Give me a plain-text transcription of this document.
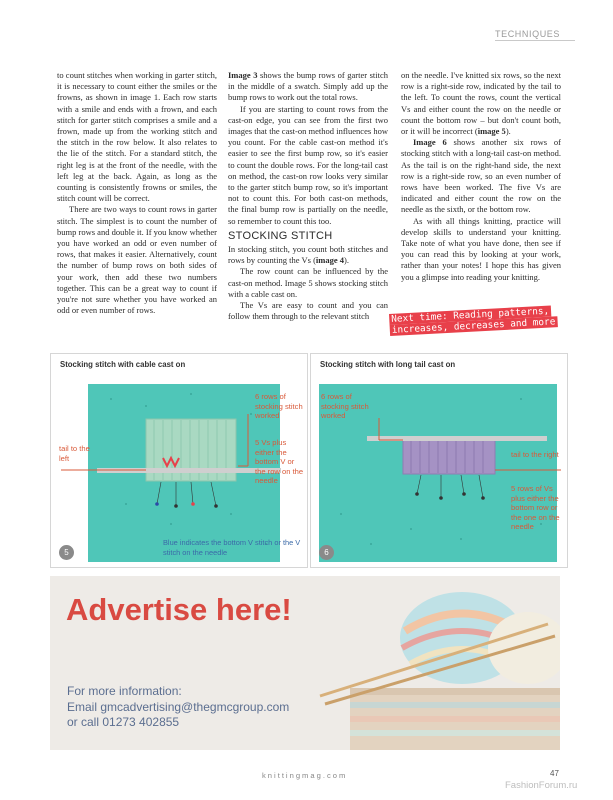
TECHNIQUES

to count stitches when working in garter stitch, it is necessary to count either the smiles or the frowns, as shown in image 1. Each row starts with a smile and ends with a frown, and each stitch for garter stitch comprises a smile and a frown, made up from the working stitch and the stitch in the row below. It also relates to the lie of the stitch. For a standard stitch, the right leg is at the front of the needle, with the left leg at the back. Again, as long as the counting is consistently frowns or smiles, the stitch count will be correct.

There are two ways to count rows in garter stitch. The simplest is to count the number of bump rows and double it. If you know whether you have worked an odd or even number of rows, that makes it easier. Alternatively, count the number of bump rows on both sides of your work, then add these two numbers together. This can be a great way to count if you're not sure whether you have worked an odd or even number of rows.

Image 3 shows the bump rows of garter stitch in the middle of a swatch. Simply add up the bump rows to work out the total rows.

If you are starting to count rows from the cast-on edge, you can see from the first two images that the cast-on method influences how you count. For the cable cast-on method it's easier to see the first bump row, so it's easier to count the double rows. For the long-tail cast on method, the cast-on row looks very similar to the garter stitch bump row, so it's important not to count this. For both cast-on methods, the final bump row is partially on the needle, so remember to count this too.

STOCKING STITCH

In stocking stitch, you count both stitches and rows by counting the Vs (image 4).

The row count can be influenced by the cast-on method. Image 5 shows stocking stitch with a cable cast on.

The Vs are easy to count and you can follow them through to the relevant stitch

on the needle. I've knitted six rows, so the next row is a right-side row, indicated by the tail to the left. To count the rows, count the vertical Vs and either count the row on the needle or count the bottom row – but don't count both, or it will be incorrect (image 5).

Image 6 shows another six rows of stocking stitch with a long-tail cast-on method. As the tail is on the right-hand side, the next row is a right-side row, so an even number of rows have been worked. The five Vs are indicated and either count the row on the needle as the sixth, or the bottom row.

As with all things knitting, practice will develop skills to understand your knitting. Take note of what you have done, then see if you can read this by looking at your work, rather than your notes! I hope this has given you a glimpse into reading your knitting.

Next time: Reading patterns, increases, decreases and more
Stocking stitch with cable cast on
6 rows of stocking stitch worked
5 Vs plus either the bottom V or the row on the needle
tail to the left
Blue indicates the bottom V stitch or the V stitch on the needle
5
Stocking stitch with long tail cast on
6 rows of stocking stitch worked
tail to the right
5 rows of Vs plus either the bottom row or the one on the needle
6
Advertise here!
For more information:
Email gmcadvertising@thegmcgroup.com
or call 01273 402855
knittingmag.com	47
FashionForum.ru
